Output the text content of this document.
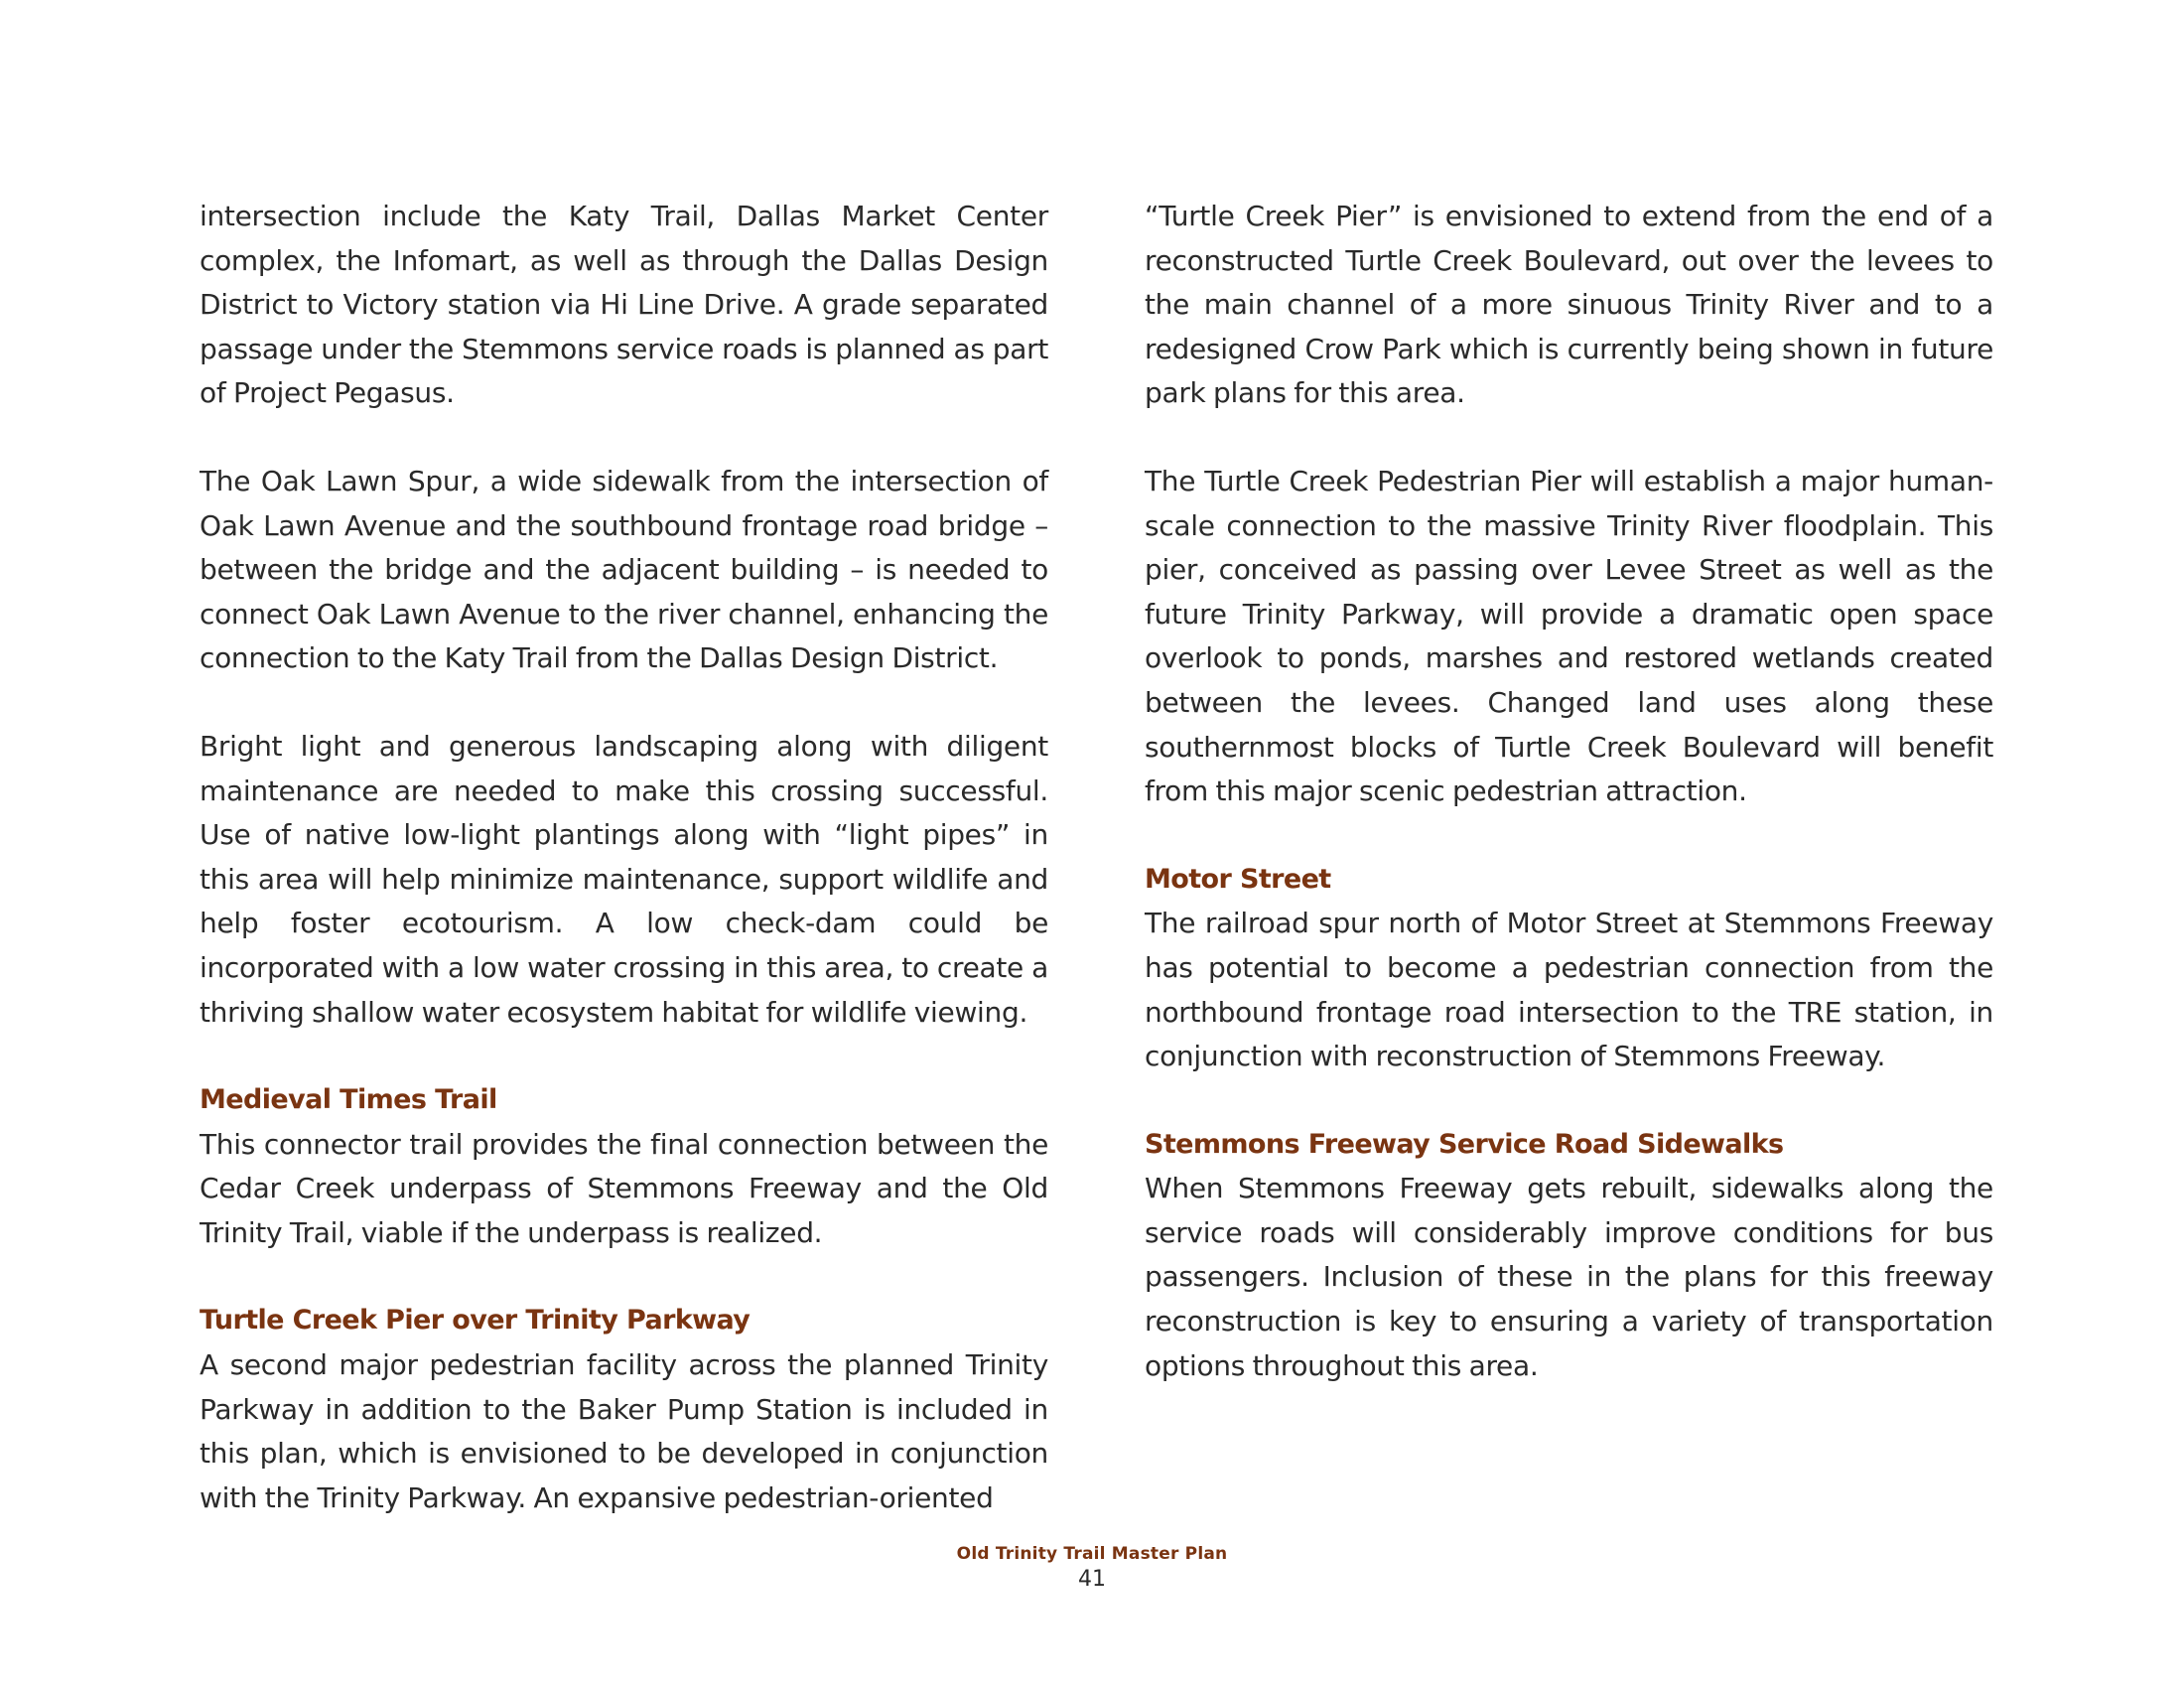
intersection include the Katy Trail, Dallas Market Center complex, the Infomart, as well as through the Dallas Design District to Victory station via Hi Line Drive. A grade separated passage under the Stemmons service roads is planned as part of Project Pegasus.

The Oak Lawn Spur, a wide sidewalk from the intersection of Oak Lawn Avenue and the southbound frontage road bridge – between the bridge and the adjacent building – is needed to connect Oak Lawn Avenue to the river channel, enhancing the connection to the Katy Trail from the Dallas Design District.

Bright light and generous landscaping along with diligent maintenance are needed to make this crossing successful. Use of native low-light plantings along with “light pipes” in this area will help minimize maintenance, support wildlife and help foster ecotourism. A low check-dam could be incorporated with a low water crossing in this area, to create a thriving shallow water ecosystem habitat for wildlife viewing.

Medieval Times Trail

This connector trail provides the final connection between the Cedar Creek underpass of Stemmons Freeway and the Old Trinity Trail, viable if the underpass is realized.

Turtle Creek Pier over Trinity Parkway

A second major pedestrian facility across the planned Trinity Parkway in addition to the Baker Pump Station is included in this plan, which is envisioned to be developed in conjunction with the Trinity Parkway. An expansive pedestrian-oriented

“Turtle Creek Pier” is envisioned to extend from the end of a reconstructed Turtle Creek Boulevard, out over the levees to the main channel of a more sinuous Trinity River and to a redesigned Crow Park which is currently being shown in future park plans for this area.

The Turtle Creek Pedestrian Pier will establish a major human-scale connection to the massive Trinity River floodplain. This pier, conceived as passing over Levee Street as well as the future Trinity Parkway, will provide a dramatic open space overlook to ponds, marshes and restored wetlands created between the levees. Changed land uses along these southernmost blocks of Turtle Creek Boulevard will benefit from this major scenic pedestrian attraction.

Motor Street

The railroad spur north of Motor Street at Stemmons Freeway has potential to become a pedestrian connection from the northbound frontage road intersection to the TRE station, in conjunction with reconstruction of Stemmons Freeway.

Stemmons Freeway Service Road Sidewalks

When Stemmons Freeway gets rebuilt, sidewalks along the service roads will considerably improve conditions for bus passengers. Inclusion of these in the plans for this freeway reconstruction is key to ensuring a variety of transportation options throughout this area.

Old Trinity Trail Master Plan
41
